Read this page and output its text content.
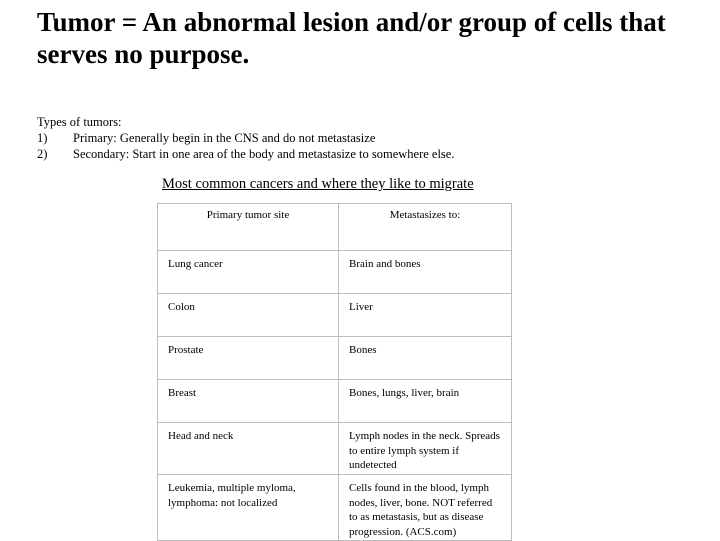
Tumor = An abnormal lesion and/or group of cells that serves no purpose.
Types of tumors:
1)	Primary: Generally begin in the CNS and do not metastasize
2)	Secondary: Start in one area of the body and metastasize to somewhere else.
Most common cancers and where they like to migrate
Primary tumor site	Metastasizes to:
Lung cancer	Brain and bones
Colon	Liver
Prostate	Bones
Breast	Bones, lungs, liver, brain
Head and neck	Lymph nodes in the neck. Spreads to entire lymph system if undetected
Leukemia, multiple myloma, lymphoma: not localized	Cells found in the blood, lymph nodes, liver, bone. NOT referred to as metastasis, but as disease progression. (ACS.com)
